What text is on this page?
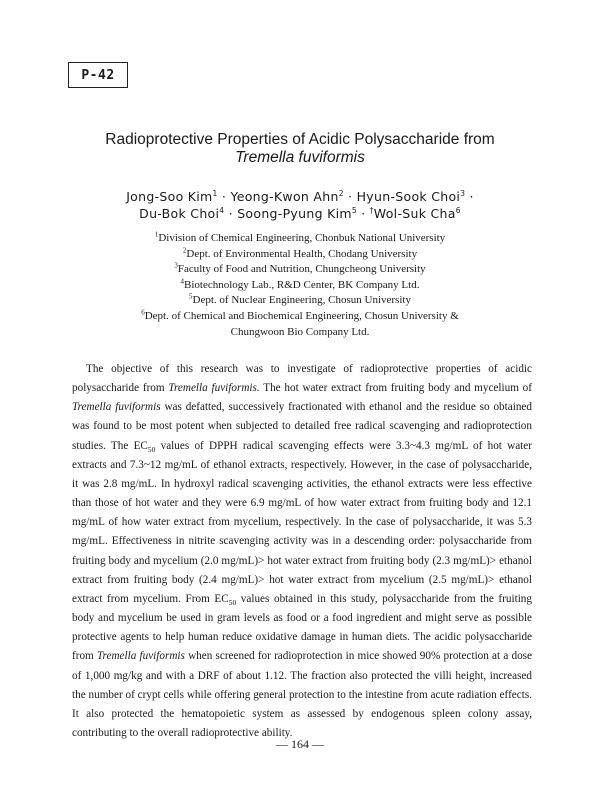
P-42
Radioprotective Properties of Acidic Polysaccharide from
Tremella fuviformis
Jong-Soo Kim$^1$ · Yeong-Kwon Ahn$^2$ · Hyun-Sook Choi$^3$ ·
Du-Bok Choi$^4$ · Soong-Pyung Kim$^5$ · †Wol-Suk Cha$^6$
$^1$Division of Chemical Engineering, Chonbuk National University
$^2$Dept. of Environmental Health, Chodang University
$^3$Faculty of Food and Nutrition, Chungcheong University
$^4$Biotechnology Lab., R&D Center, BK Company Ltd.
$^5$Dept. of Nuclear Engineering, Chosun University
$^6$Dept. of Chemical and Biochemical Engineering, Chosun University &
Chungwoon Bio Company Ltd.
The objective of this research was to investigate of radioprotective properties of acidic polysaccharide from Tremella fuviformis. The hot water extract from fruiting body and mycelium of Tremella fuviformis was defatted, successively fractionated with ethanol and the residue so obtained was found to be most potent when subjected to detailed free radical scavenging and radioprotection studies. The $EC_{50}$ values of DPPH radical scavenging effects were 3.3~4.3 mg/mL of hot water extracts and 7.3~12 mg/mL of ethanol extracts, respectively. However, in the case of polysaccharide, it was 2.8 mg/mL. In hydroxyl radical scavenging activities, the ethanol extracts were less effective than those of hot water and they were 6.9 mg/mL of how water extract from fruiting body and 12.1 mg/mL of how water extract from mycelium, respectively. In the case of polysaccharide, it was 5.3 mg/mL. Effectiveness in nitrite scavenging activity was in a descending order: polysaccharide from fruiting body and mycelium (2.0 mg/mL)> hot water extract from fruiting body (2.3 mg/mL)> ethanol extract from fruiting body (2.4 mg/mL)> hot water extract from mycelium (2.5 mg/mL)> ethanol extract from mycelium. From $EC_{50}$ values obtained in this study, polysaccharide from the fruiting body and mycelium be used in gram levels as food or a food ingredient and might serve as possible protective agents to help human reduce oxidative damage in human diets. The acidic polysaccharide from Tremella fuviformis when screened for radioprotection in mice showed 90% protection at a dose of 1,000 mg/kg and with a DRF of about 1.12. The fraction also protected the villi height, increased the number of crypt cells while offering general protection to the intestine from acute radiation effects. It also protected the hematopoietic system as assessed by endogenous spleen colony assay, contributing to the overall radioprotective ability.
— 164 —
